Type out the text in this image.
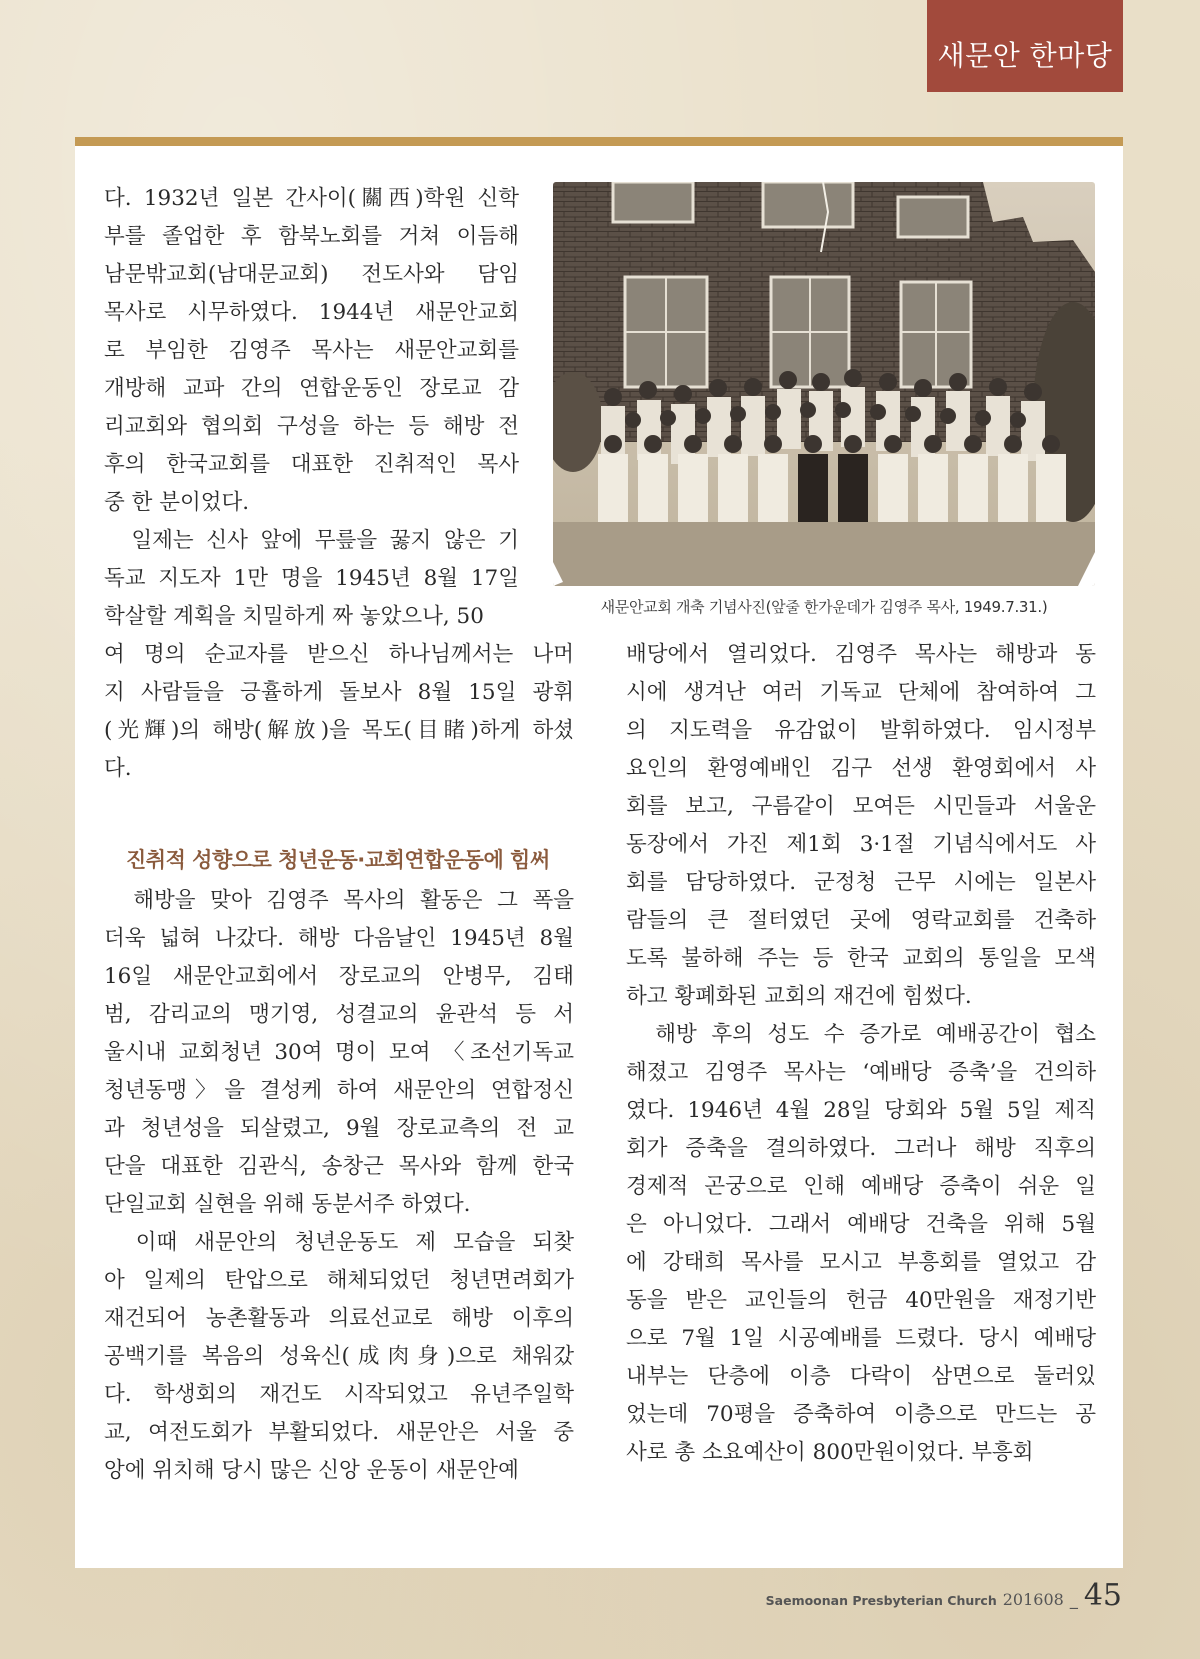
새문안 한마당
다. 1932년 일본 간사이(關西)학원 신학
부를 졸업한 후 함북노회를 거쳐 이듬해
남문밖교회(남대문교회) 전도사와 담임
목사로 시무하였다. 1944년 새문안교회
로 부임한 김영주 목사는 새문안교회를
개방해 교파 간의 연합운동인 장로교 감
리교회와 협의회 구성을 하는 등 해방 전
후의 한국교회를 대표한 진취적인 목사
중 한 분이었다.
　일제는 신사 앞에 무릎을 꿇지 않은 기
독교 지도자 1만 명을 1945년 8월 17일
학살할 계획을 치밀하게 짜 놓았으나, 50
여 명의 순교자를 받으신 하나님께서는 나머
지 사람들을 긍휼하게 돌보사 8월 15일 광휘
(光輝)의 해방(解放)을 목도(目睹)하게 하셨
다.
진취적 성향으로 청년운동·교회연합운동에 힘써
　해방을 맞아 김영주 목사의 활동은 그 폭을
더욱 넓혀 나갔다. 해방 다음날인 1945년 8월
16일 새문안교회에서 장로교의 안병무, 김태
범, 감리교의 맹기영, 성결교의 윤관석 등 서
울시내 교회청년 30여 명이 모여 〈조선기독교
청년동맹〉을 결성케 하여 새문안의 연합정신
과 청년성을 되살렸고, 9월 장로교측의 전 교
단을 대표한 김관식, 송창근 목사와 함께 한국
단일교회 실현을 위해 동분서주 하였다.
　이때 새문안의 청년운동도 제 모습을 되찾
아 일제의 탄압으로 해체되었던 청년면려회가
재건되어 농촌활동과 의료선교로 해방 이후의
공백기를 복음의 성육신(成肉身)으로 채워갔
다. 학생회의 재건도 시작되었고 유년주일학
교, 여전도회가 부활되었다. 새문안은 서울 중
앙에 위치해 당시 많은 신앙 운동이 새문안예
배당에서 열리었다. 김영주 목사는 해방과 동
시에 생겨난 여러 기독교 단체에 참여하여 그
의 지도력을 유감없이 발휘하였다. 임시정부
요인의 환영예배인 김구 선생 환영회에서 사
회를 보고, 구름같이 모여든 시민들과 서울운
동장에서 가진 제1회 3·1절 기념식에서도 사
회를 담당하였다. 군정청 근무 시에는 일본사
람들의 큰 절터였던 곳에 영락교회를 건축하
도록 불하해 주는 등 한국 교회의 통일을 모색
하고 황폐화된 교회의 재건에 힘썼다.
　해방 후의 성도 수 증가로 예배공간이 협소
해졌고 김영주 목사는 ‘예배당 증축’을 건의하
였다. 1946년 4월 28일 당회와 5월 5일 제직
회가 증축을 결의하였다. 그러나 해방 직후의
경제적 곤궁으로 인해 예배당 증축이 쉬운 일
은 아니었다. 그래서 예배당 건축을 위해 5월
에 강태희 목사를 모시고 부흥회를 열었고 감
동을 받은 교인들의 헌금 40만원을 재정기반
으로 7월 1일 시공예배를 드렸다. 당시 예배당
내부는 단층에 이층 다락이 삼면으로 둘러있
었는데 70평을 증축하여 이층으로 만드는 공
사로 총 소요예산이 800만원이었다. 부흥회
새문안교회 개축 기념사진(앞줄 한가운데가 김영주 목사, 1949.7.31.)
Saemoonan Presbyterian Church 201608 _ 45
